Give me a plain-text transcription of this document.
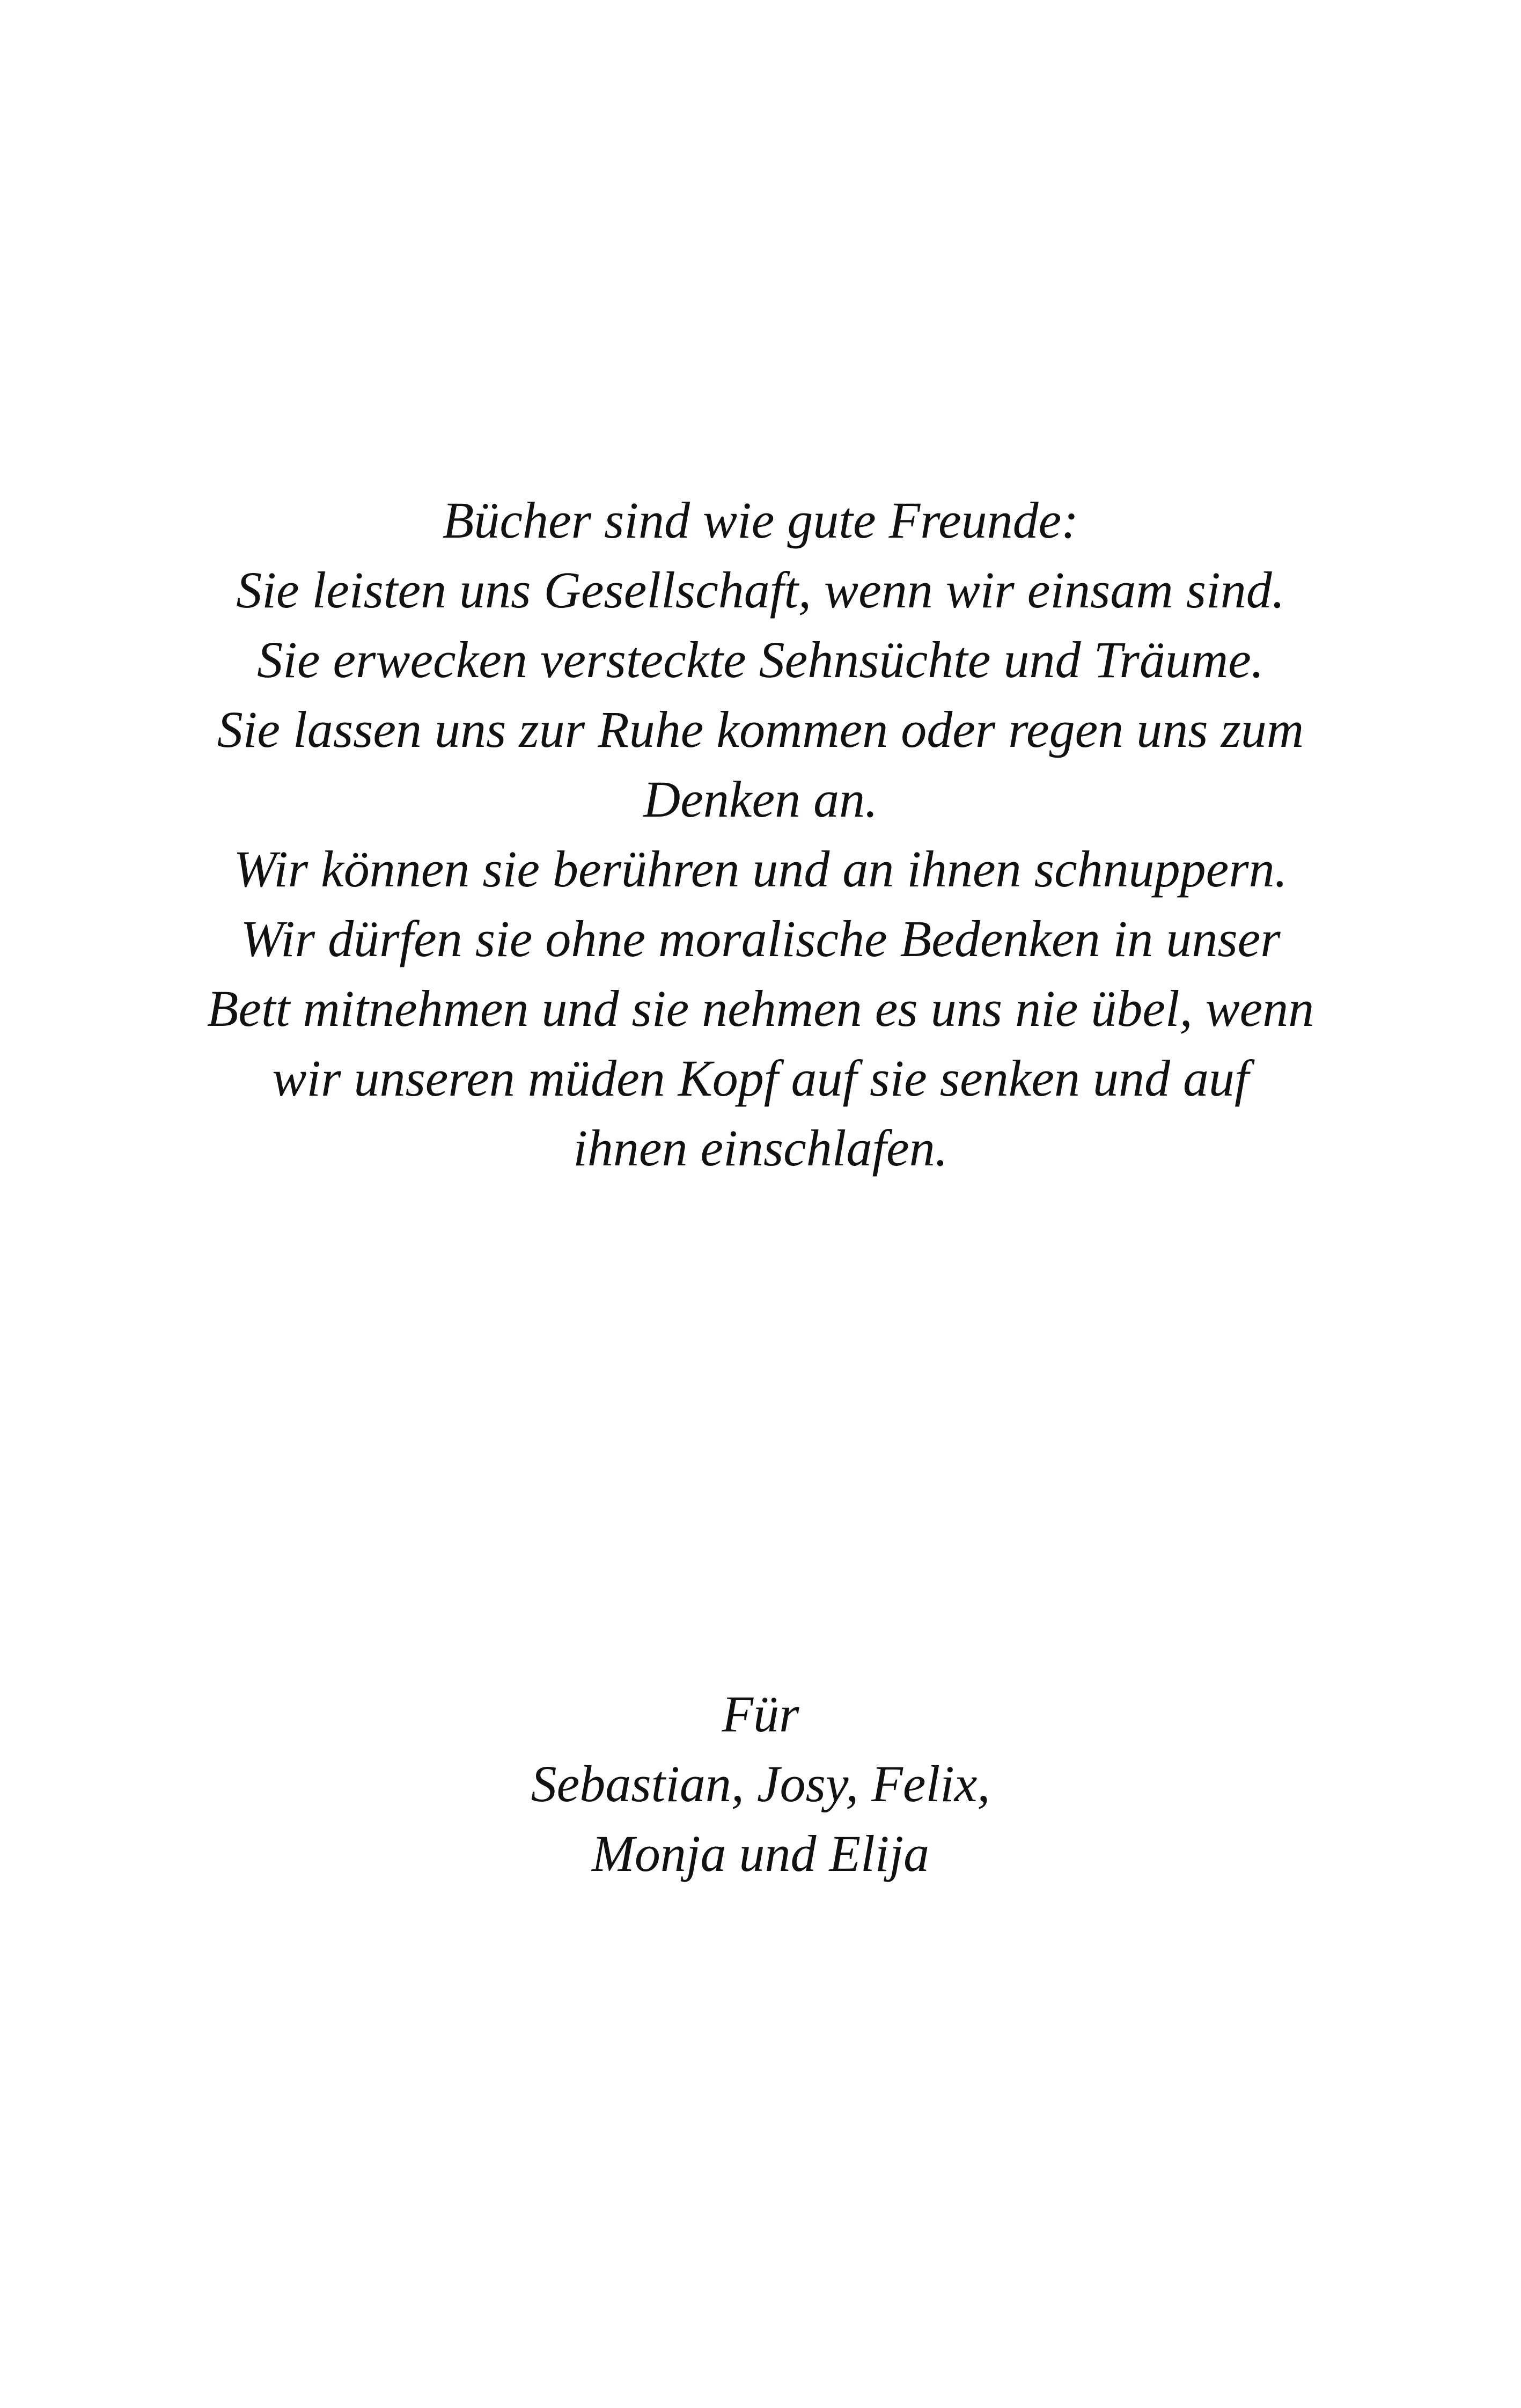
Bücher sind wie gute Freunde:
Sie leisten uns Gesellschaft, wenn wir einsam sind.
Sie erwecken versteckte Sehnsüchte und Träume.
Sie lassen uns zur Ruhe kommen oder regen uns zum
Denken an.
Wir können sie berühren und an ihnen schnuppern.
Wir dürfen sie ohne moralische Bedenken in unser
Bett mitnehmen und sie nehmen es uns nie übel, wenn
wir unseren müden Kopf auf sie senken und auf
ihnen einschlafen.
Für
Sebastian, Josy, Felix,
Monja und Elija
